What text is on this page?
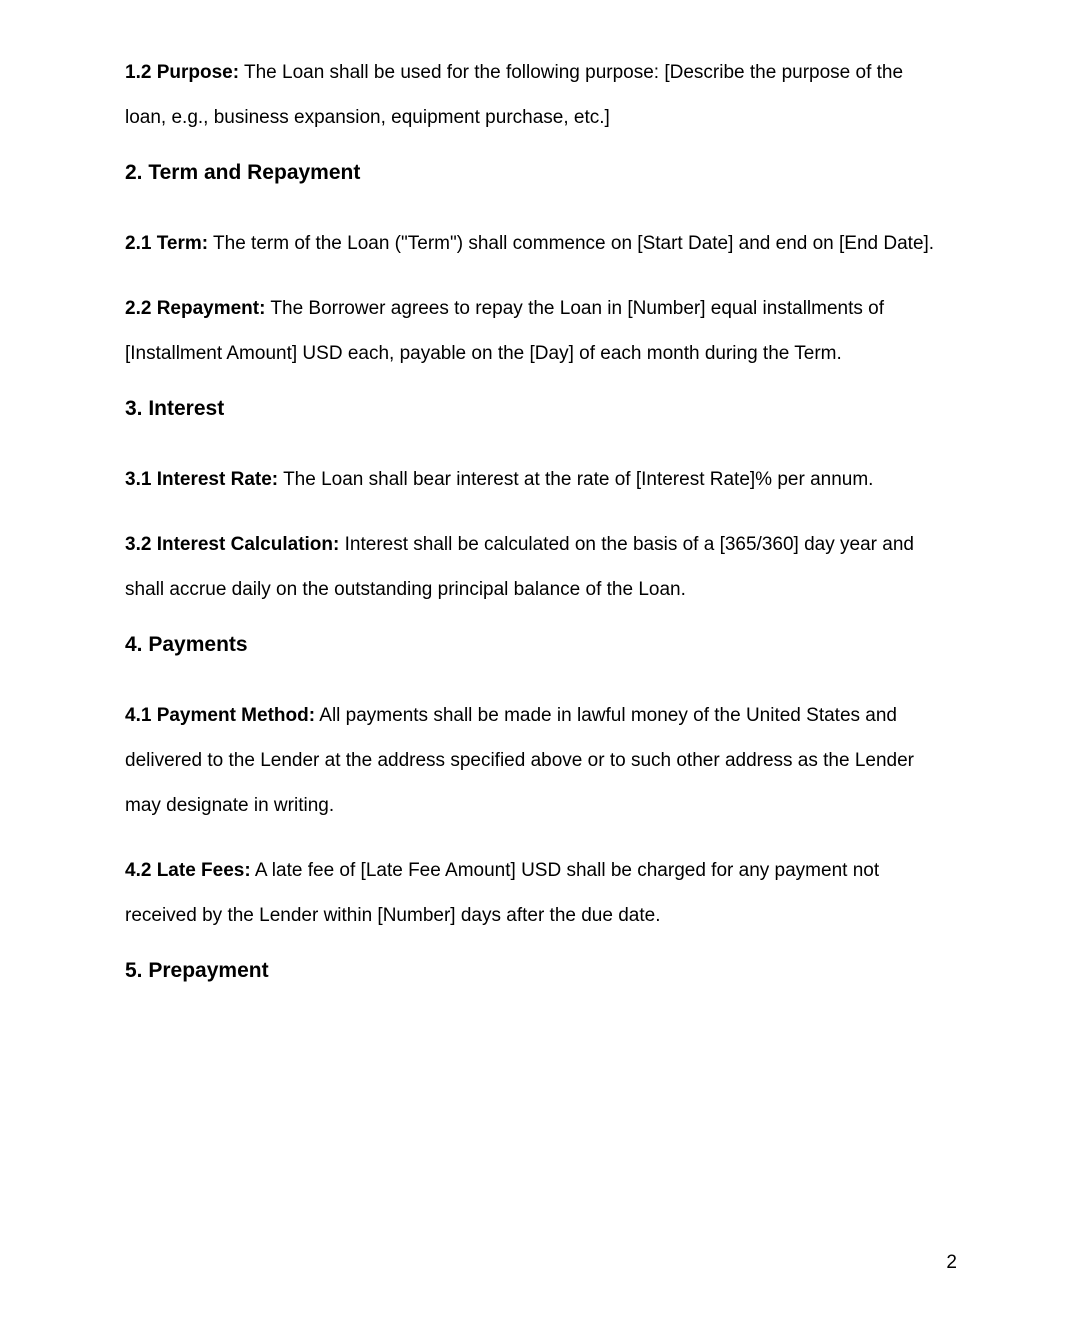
1.2 Purpose: The Loan shall be used for the following purpose: [Describe the purpose of the loan, e.g., business expansion, equipment purchase, etc.]

2. Term and Repayment

2.1 Term: The term of the Loan ("Term") shall commence on [Start Date] and end on [End Date].

2.2 Repayment: The Borrower agrees to repay the Loan in [Number] equal installments of [Installment Amount] USD each, payable on the [Day] of each month during the Term.

3. Interest

3.1 Interest Rate: The Loan shall bear interest at the rate of [Interest Rate]% per annum.

3.2 Interest Calculation: Interest shall be calculated on the basis of a [365/360] day year and shall accrue daily on the outstanding principal balance of the Loan.

4. Payments

4.1 Payment Method: All payments shall be made in lawful money of the United States and delivered to the Lender at the address specified above or to such other address as the Lender may designate in writing.

4.2 Late Fees: A late fee of [Late Fee Amount] USD shall be charged for any payment not received by the Lender within [Number] days after the due date.

5. Prepayment
2
